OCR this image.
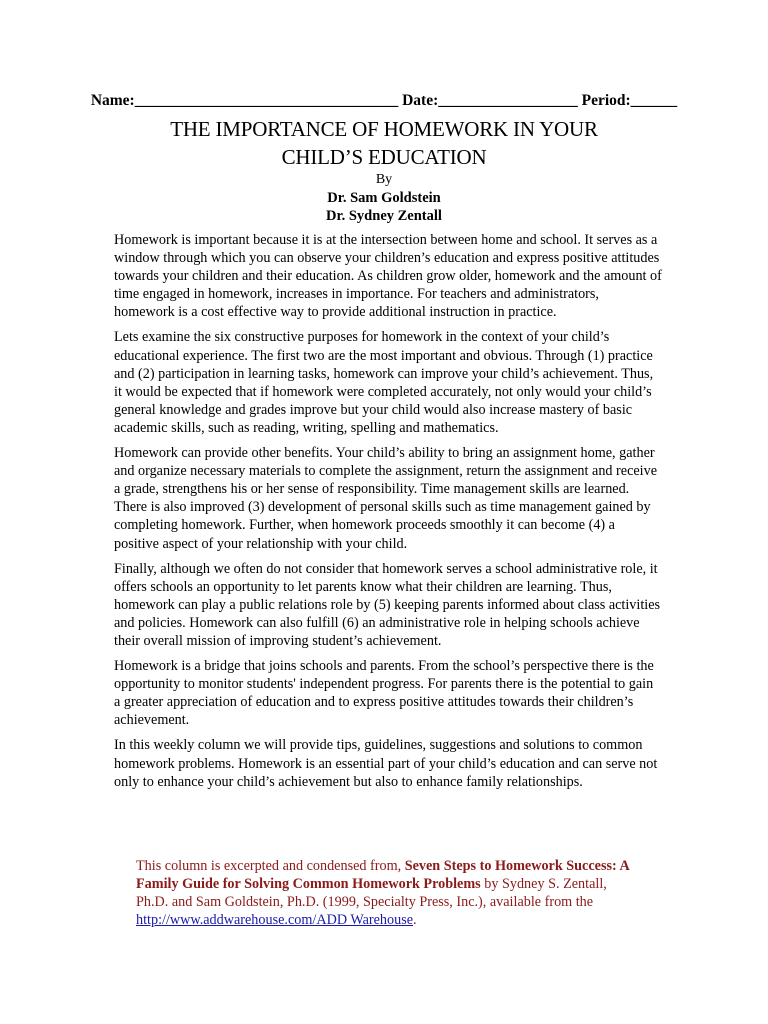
Name:__________________________________ Date:__________________ Period:______
THE IMPORTANCE OF HOMEWORK IN YOUR
CHILD’S EDUCATION
By
Dr. Sam Goldstein
Dr. Sydney Zentall

Homework is important because it is at the intersection between home and school. It serves as a window through which you can observe your children’s education and express positive attitudes towards your children and their education. As children grow older, homework and the amount of time engaged in homework, increases in importance. For teachers and administrators, homework is a cost effective way to provide additional instruction in practice.

Lets examine the six constructive purposes for homework in the context of your child’s educational experience. The first two are the most important and obvious. Through (1) practice and (2) participation in learning tasks, homework can improve your child’s achievement. Thus, it would be expected that if homework were completed accurately, not only would your child’s general knowledge and grades improve but your child would also increase mastery of basic academic skills, such as reading, writing, spelling and mathematics.

Homework can provide other benefits. Your child’s ability to bring an assignment home, gather and organize necessary materials to complete the assignment, return the assignment and receive a grade, strengthens his or her sense of responsibility. Time management skills are learned. There is also improved (3) development of personal skills such as time management gained by completing homework. Further, when homework proceeds smoothly it can become (4) a positive aspect of your relationship with your child.

Finally, although we often do not consider that homework serves a school administrative role, it offers schools an opportunity to let parents know what their children are learning. Thus, homework can play a public relations role by (5) keeping parents informed about class activities and policies. Homework can also fulfill (6) an administrative role in helping schools achieve their overall mission of improving student’s achievement.

Homework is a bridge that joins schools and parents. From the school’s perspective there is the opportunity to monitor students' independent progress. For parents there is the potential to gain a greater appreciation of education and to express positive attitudes towards their children’s achievement.

In this weekly column we will provide tips, guidelines, suggestions and solutions to common homework problems. Homework is an essential part of your child’s education and can serve not only to enhance your child’s achievement but also to enhance family relationships.

This column is excerpted and condensed from, Seven Steps to Homework Success: A Family Guide for Solving Common Homework Problems by Sydney S. Zentall, Ph.D. and Sam Goldstein, Ph.D. (1999, Specialty Press, Inc.), available from the http://www.addwarehouse.com/ADD Warehouse.
